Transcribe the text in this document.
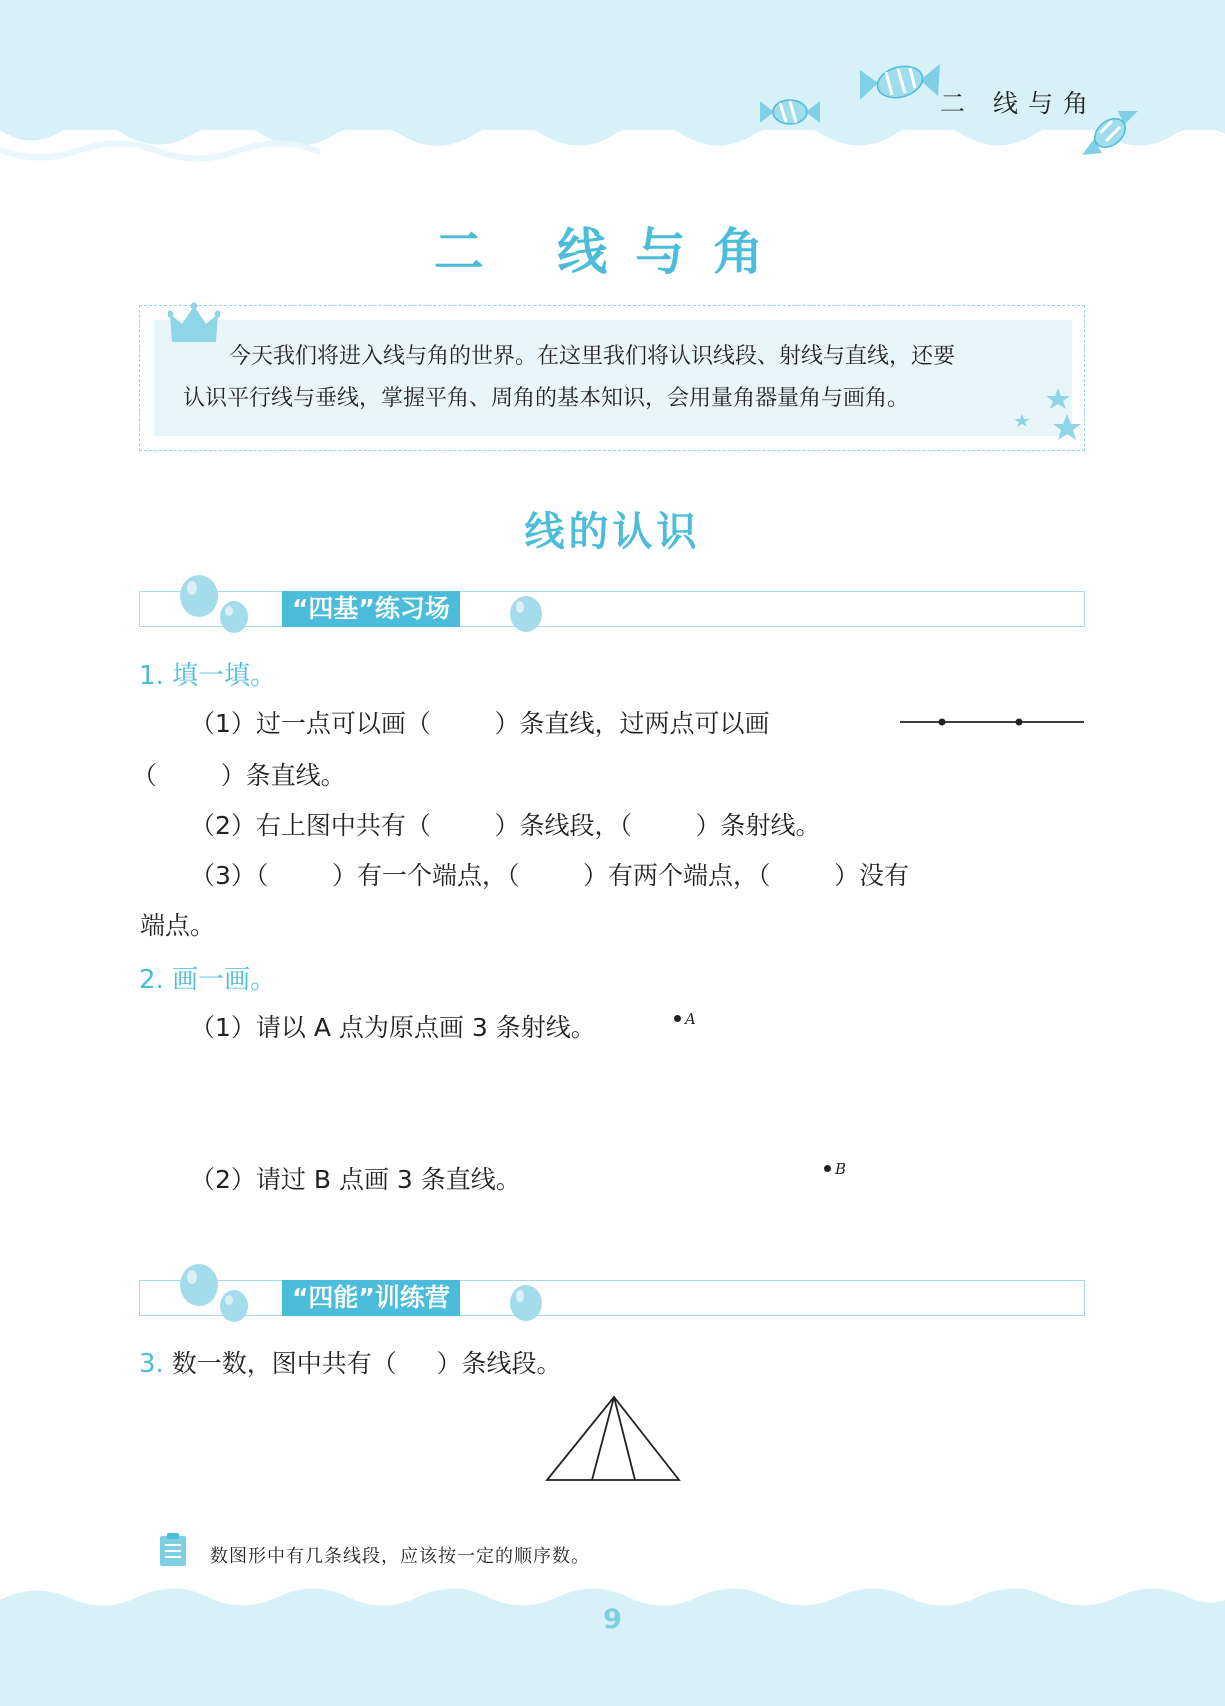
二 线与角
二 线与角

今天我们将进入线与角的世界。在这里我们将认识线段、射线与直线，还要

认识平行线与垂线，掌握平角、周角的基本知识，会用量角器量角与画角。

线的认识
“四基”练习场
1. 填一填。
（1）过一点可以画（        ）条直线，过两点可以画
（        ）条直线。
（2）右上图中共有（        ）条线段，（        ）条射线。
（3）（        ）有一个端点，（        ）有两个端点，（        ）没有
端点。
2. 画一画。
（1）请以 A 点为原点画 3 条射线。	A
（2）请过 B 点画 3 条直线。	B
“四能”训练营
3. 数一数，图中共有（     ）条线段。
数图形中有几条线段，应该按一定的顺序数。
9
